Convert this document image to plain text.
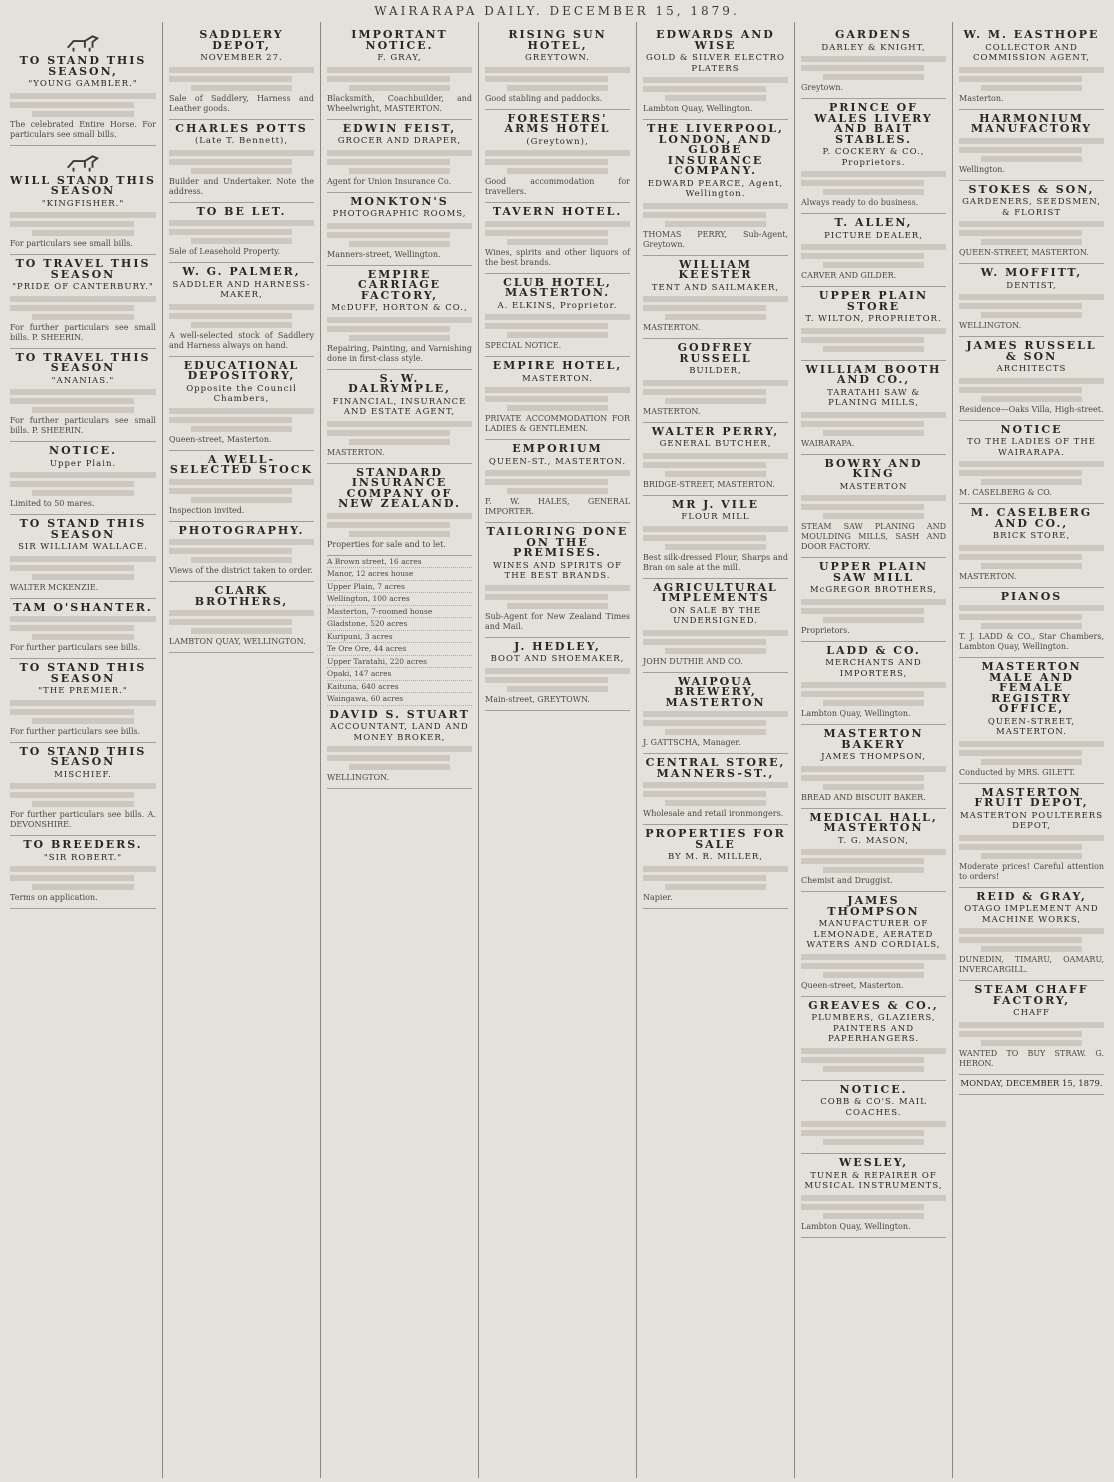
WAIRARAPA DAILY. DECEMBER 15, 1879.
TO STAND THIS SEASON,
"YOUNG GAMBLER."
The celebrated Entire Horse. For particulars see small bills.
WILL STAND THIS SEASON
"KINGFISHER."
For particulars see small bills.
TO TRAVEL THIS SEASON
"PRIDE OF CANTERBURY."
For further particulars see small bills. P. SHEERIN.
TO TRAVEL THIS SEASON
"ANANIAS."
For further particulars see small bills. P. SHEERIN.
NOTICE.
Upper Plain.
Limited to 50 mares.
TO STAND THIS SEASON
SIR WILLIAM WALLACE.
WALTER MCKENZIE.
TAM O'SHANTER.
For further particulars see bills.
TO STAND THIS SEASON
"THE PREMIER."
For further particulars see bills.
TO STAND THIS SEASON
MISCHIEF.
For further particulars see bills. A. DEVONSHIRE.
TO BREEDERS.
"SIR ROBERT."
Terms on application.
SADDLERY DEPOT,
NOVEMBER 27.
Sale of Saddlery, Harness and Leather goods.
CHARLES POTTS
(Late T. Bennett),
Builder and Undertaker. Note the address.
TO BE LET.
Sale of Leasehold Property.
W. G. PALMER,
SADDLER AND HARNESS-MAKER,
A well-selected stock of Saddlery and Harness always on hand.
EDUCATIONAL DEPOSITORY,
Opposite the Council Chambers,
Queen-street, Masterton.
A WELL-SELECTED STOCK
Inspection invited.
PHOTOGRAPHY.
Views of the district taken to order.
CLARK BROTHERS,
LAMBTON QUAY, WELLINGTON.
IMPORTANT NOTICE.
F. GRAY,
Blacksmith, Coachbuilder, and Wheelwright, MASTERTON.
EDWIN FEIST,
GROCER AND DRAPER,
Agent for Union Insurance Co.
MONKTON'S
PHOTOGRAPHIC ROOMS,
Manners-street, Wellington.
EMPIRE CARRIAGE FACTORY,
McDUFF, HORTON & CO.,
Repairing, Painting, and Varnishing done in first-class style.
S. W. DALRYMPLE,
FINANCIAL, INSURANCE AND ESTATE AGENT,
MASTERTON.
STANDARD INSURANCE COMPANY OF NEW ZEALAND.
Properties for sale and to let.
A Brown street, 16 acres
Manor, 12 acres house
Upper Plain, 7 acres
Wellington, 100 acres
Masterton, 7-roomed house
Gladstone, 520 acres
Kuripuni, 3 acres
Te Ore Ore, 44 acres
Upper Taratahi, 220 acres
Opaki, 147 acres
Kaituna, 640 acres
Waingawa, 60 acres
DAVID S. STUART
ACCOUNTANT, LAND AND MONEY BROKER,
WELLINGTON.
RISING SUN HOTEL,
GREYTOWN.
Good stabling and paddocks.
FORESTERS' ARMS HOTEL
(Greytown),
Good accommodation for travellers.
TAVERN HOTEL.
Wines, spirits and other liquors of the best brands.
CLUB HOTEL, MASTERTON.
A. ELKINS, Proprietor.
SPECIAL NOTICE.
EMPIRE HOTEL,
MASTERTON.
PRIVATE ACCOMMODATION FOR LADIES & GENTLEMEN.
EMPORIUM
QUEEN-ST., MASTERTON.
F. W. HALES, GENERAL IMPORTER.
TAILORING DONE ON THE PREMISES.
WINES AND SPIRITS OF THE BEST BRANDS.
Sub-Agent for New Zealand Times and Mail.
J. HEDLEY,
BOOT AND SHOEMAKER,
Main-street, GREYTOWN.
EDWARDS AND WISE
GOLD & SILVER ELECTRO PLATERS
Lambton Quay, Wellington.
THE LIVERPOOL, LONDON, AND GLOBE INSURANCE COMPANY.
EDWARD PEARCE, Agent, Wellington.
THOMAS PERRY, Sub-Agent, Greytown.
WILLIAM KEESTER
TENT AND SAILMAKER,
MASTERTON.
GODFREY RUSSELL
BUILDER,
MASTERTON.
WALTER PERRY,
GENERAL BUTCHER,
BRIDGE-STREET, MASTERTON.
MR J. VILE
FLOUR MILL
Best silk-dressed Flour, Sharps and Bran on sale at the mill.
AGRICULTURAL IMPLEMENTS
ON SALE BY THE UNDERSIGNED.
JOHN DUTHIE AND CO.
WAIPOUA BREWERY, MASTERTON
J. GATTSCHA, Manager.
CENTRAL STORE, MANNERS-ST.,
Wholesale and retail ironmongers.
PROPERTIES FOR SALE
BY M. R. MILLER,
Napier.
GARDENS
DARLEY & KNIGHT,
Greytown.
PRINCE OF WALES LIVERY AND BAIT STABLES.
P. COCKERY & CO., Proprietors.
Always ready to do business.
T. ALLEN,
PICTURE DEALER,
CARVER AND GILDER.
UPPER PLAIN STORE
T. WILTON, PROPRIETOR.
WILLIAM BOOTH AND CO.,
TARATAHI SAW & PLANING MILLS,
WAIRARAPA.
BOWRY AND KING
MASTERTON
STEAM SAW PLANING AND MOULDING MILLS, SASH AND DOOR FACTORY.
UPPER PLAIN SAW MILL
McGREGOR BROTHERS,
Proprietors.
LADD & CO.
MERCHANTS AND IMPORTERS,
Lambton Quay, Wellington.
MASTERTON BAKERY
JAMES THOMPSON,
BREAD AND BISCUIT BAKER.
MEDICAL HALL, MASTERTON
T. G. MASON,
Chemist and Druggist.
JAMES THOMPSON
MANUFACTURER OF LEMONADE, AERATED WATERS AND CORDIALS,
Queen-street, Masterton.
GREAVES & CO.,
PLUMBERS, GLAZIERS, PAINTERS AND PAPERHANGERS.
NOTICE.
COBB & CO'S. MAIL COACHES.
WESLEY,
TUNER & REPAIRER OF MUSICAL INSTRUMENTS,
Lambton Quay, Wellington.
W. M. EASTHOPE
COLLECTOR AND COMMISSION AGENT,
Masterton.
HARMONIUM MANUFACTORY
Wellington.
STOKES & SON,
GARDENERS, SEEDSMEN, & FLORIST
QUEEN-STREET, MASTERTON.
W. MOFFITT,
DENTIST,
WELLINGTON.
JAMES RUSSELL & SON
ARCHITECTS
Residence—Oaks Villa, High-street.
NOTICE
TO THE LADIES OF THE WAIRARAPA.
M. CASELBERG & CO.
M. CASELBERG AND CO.,
BRICK STORE,
MASTERTON.
PIANOS
T. J. LADD & CO., Star Chambers, Lambton Quay, Wellington.
MASTERTON MALE AND FEMALE REGISTRY OFFICE,
QUEEN-STREET, MASTERTON.
Conducted by MRS. GILETT.
MASTERTON FRUIT DEPOT,
MASTERTON POULTERERS DEPOT,
Moderate prices! Careful attention to orders!
REID & GRAY,
OTAGO IMPLEMENT AND MACHINE WORKS,
DUNEDIN, TIMARU, OAMARU, INVERCARGILL.
STEAM CHAFF FACTORY,
CHAFF
WANTED TO BUY STRAW. G. HERON.
MONDAY, DECEMBER 15, 1879.
